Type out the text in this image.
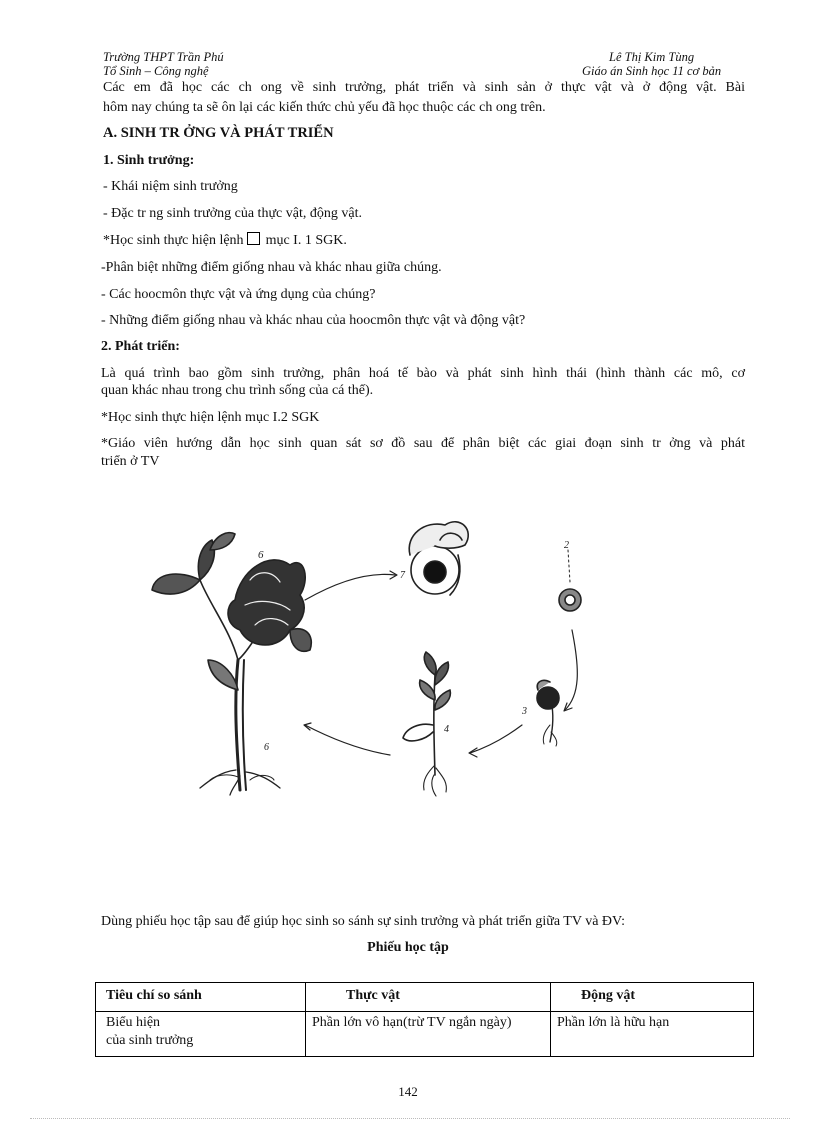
Trường THPT Trần Phú
Tổ Sinh – Công nghệ
Lê Thị Kim Tùng
Giáo án Sinh học 11 cơ bản
Các em đã học các ch ong về sinh trưởng, phát triển và sinh sản ở thực vật và ở động vật. Bài
hôm nay chúng ta sẽ ôn lại các kiến thức chủ yếu đã học thuộc các ch ong trên.
A. SINH TR ỞNG VÀ PHÁT TRIỂN
1. Sinh trưởng:
- Khái niệm sinh trưởng
- Đặc tr ng sinh trưởng của thực vật, động vật.
*Học sinh thực hiện lệnh mục I. 1 SGK.
-Phân biệt những điểm giống nhau và khác nhau giữa chúng.
- Các hoocmôn thực vật và ứng dụng của chúng?
- Những điểm giống nhau và khác nhau của hoocmôn thực vật và động vật?
2. Phát triển:
Là quá trình bao gồm sinh trưởng, phân hoá tế bào và phát sinh hình thái (hình thành các mô, cơ
quan khác nhau trong chu trình sống của cá thể).
*Học sinh thực hiện lệnh mục I.2 SGK
*Giáo viên hướng dẫn học sinh quan sát sơ đồ sau để phân biệt các giai đoạn sinh tr ởng và phát
triển ở TV
6
6
7
2
3
4
Dùng phiếu học tập sau để giúp học sinh so sánh sự sinh trưởng và phát triển giữa TV và ĐV:
Phiếu học tập
Tiêu chí so sánh	Thực vật	Động vật

Biểu hiện
của sinh trưởng	Phần lớn vô hạn(trừ TV ngắn ngày)	Phần lớn là hữu hạn
142
